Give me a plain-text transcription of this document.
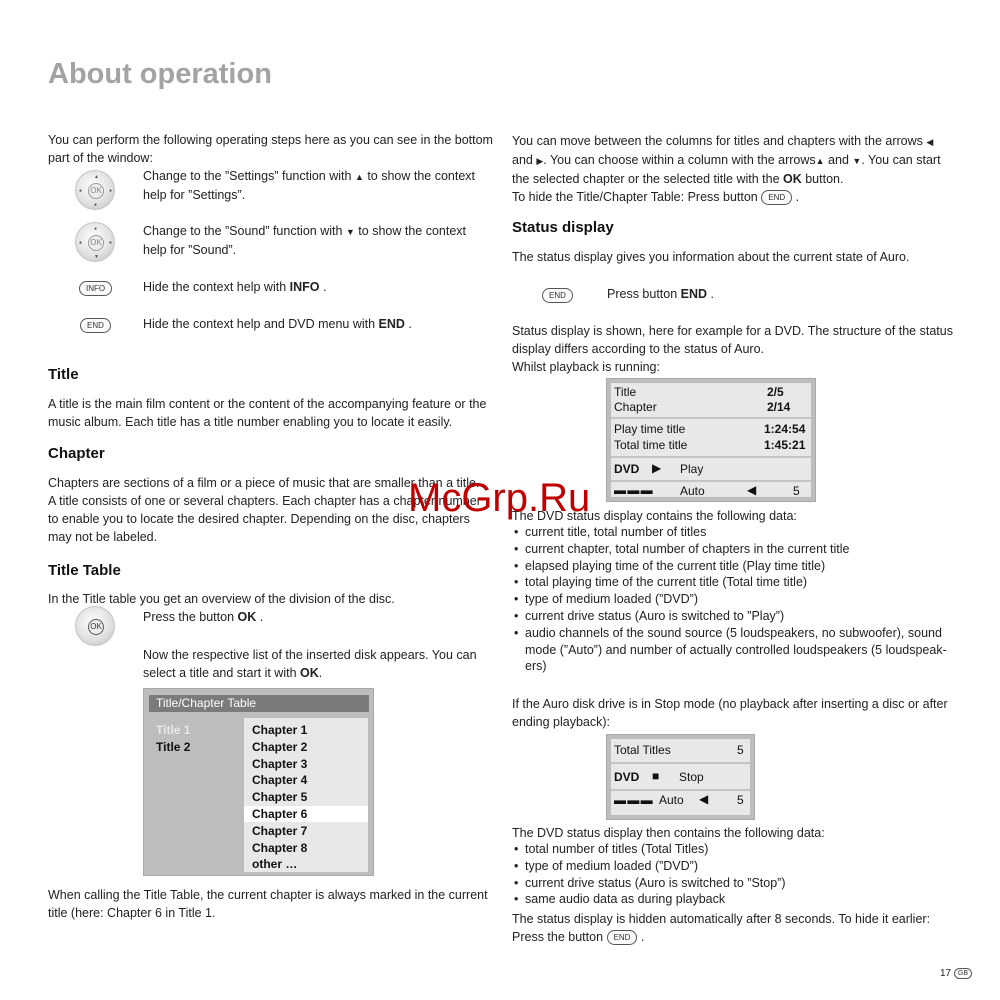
About operation

You can perform the following operating steps here as you can see in the bottom part of the window:

▲
●
●	●
OK

Change to the ”Settings” function with ▲ to show the context help for ”Settings”.

●
▼
●	●
OK

Change to the ”Sound” function with ▼ to show the context help for ”Sound”.

INFO	Hide the context help with INFO .

END	Hide the context help and DVD menu with END .

Title

A title is the main film content or the content of the accompanying feature or the music album. Each title has a title number enabling you to locate it easily.

Chapter

Chapters are sections of a film or a piece of music that are smaller than a title. A title consists of one or several chapters. Each chapter has a chapter number to enable you to locate the desired chapter. Depending on the disc, chapters may not be labeled.

Title Table

In the Title table you get an overview of the division of the disc.

OK

Press the button OK .

Now the respective list of the inserted disk appears. You can select a title and start it with OK.

Title/Chapter Table
Title 1
Title 2
Chapter 1
Chapter 2
Chapter 3
Chapter 4
Chapter 5
Chapter 6
Chapter 7
Chapter 8
other …

When calling the Title Table, the current chapter is always marked in the current title (here: Chapter 6 in Title 1.

You can move between the columns for titles and chapters with the arrows ◀
and ▶. You can choose within a column with the arrows▲ and ▼. You can start the selected chapter or the selected title with the OK button.
To hide the Title/Chapter Table: Press button END .

Status display

The status display gives you information about the current state of Auro.

END	Press button END .

Status display is shown, here for example for a DVD. The structure of the status display differs according to the status of Auro.
Whilst playback is running:

Title	2/5
Chapter	2/14
Play time title	1:24:54
Total time title	1:45:21
DVD ▶ Play
▬ ▬ ▬ Auto	◀	5

The DVD status display contains the following data:

• current title, total number of titles
• current chapter, total number of chapters in the current title
• elapsed playing time of the current title (Play time title)
• total playing time of the current title (Total time title)
• type of medium loaded (”DVD”)
• current drive status (Auro is switched to ”Play”)
• audio channels of the sound source (5 loudspeakers, no subwoofer), sound mode (”Auto”) and number of actually controlled loudspeakers (5 loudspeak- ers)

If the Auro disk drive is in Stop mode (no playback after inserting a disc or after ending playback):

Total Titles	5
DVD ■ Stop
▬ ▬ ▬ Auto ◀ 5

The DVD status display then contains the following data:

• total number of titles (Total Titles)
• type of medium loaded (”DVD”)
• current drive status (Auro is switched to ”Stop”)
• same audio data as during playback

The status display is hidden automatically after 8 seconds. To hide it earlier: Press the button END .

McGrp.Ru
17 GB
